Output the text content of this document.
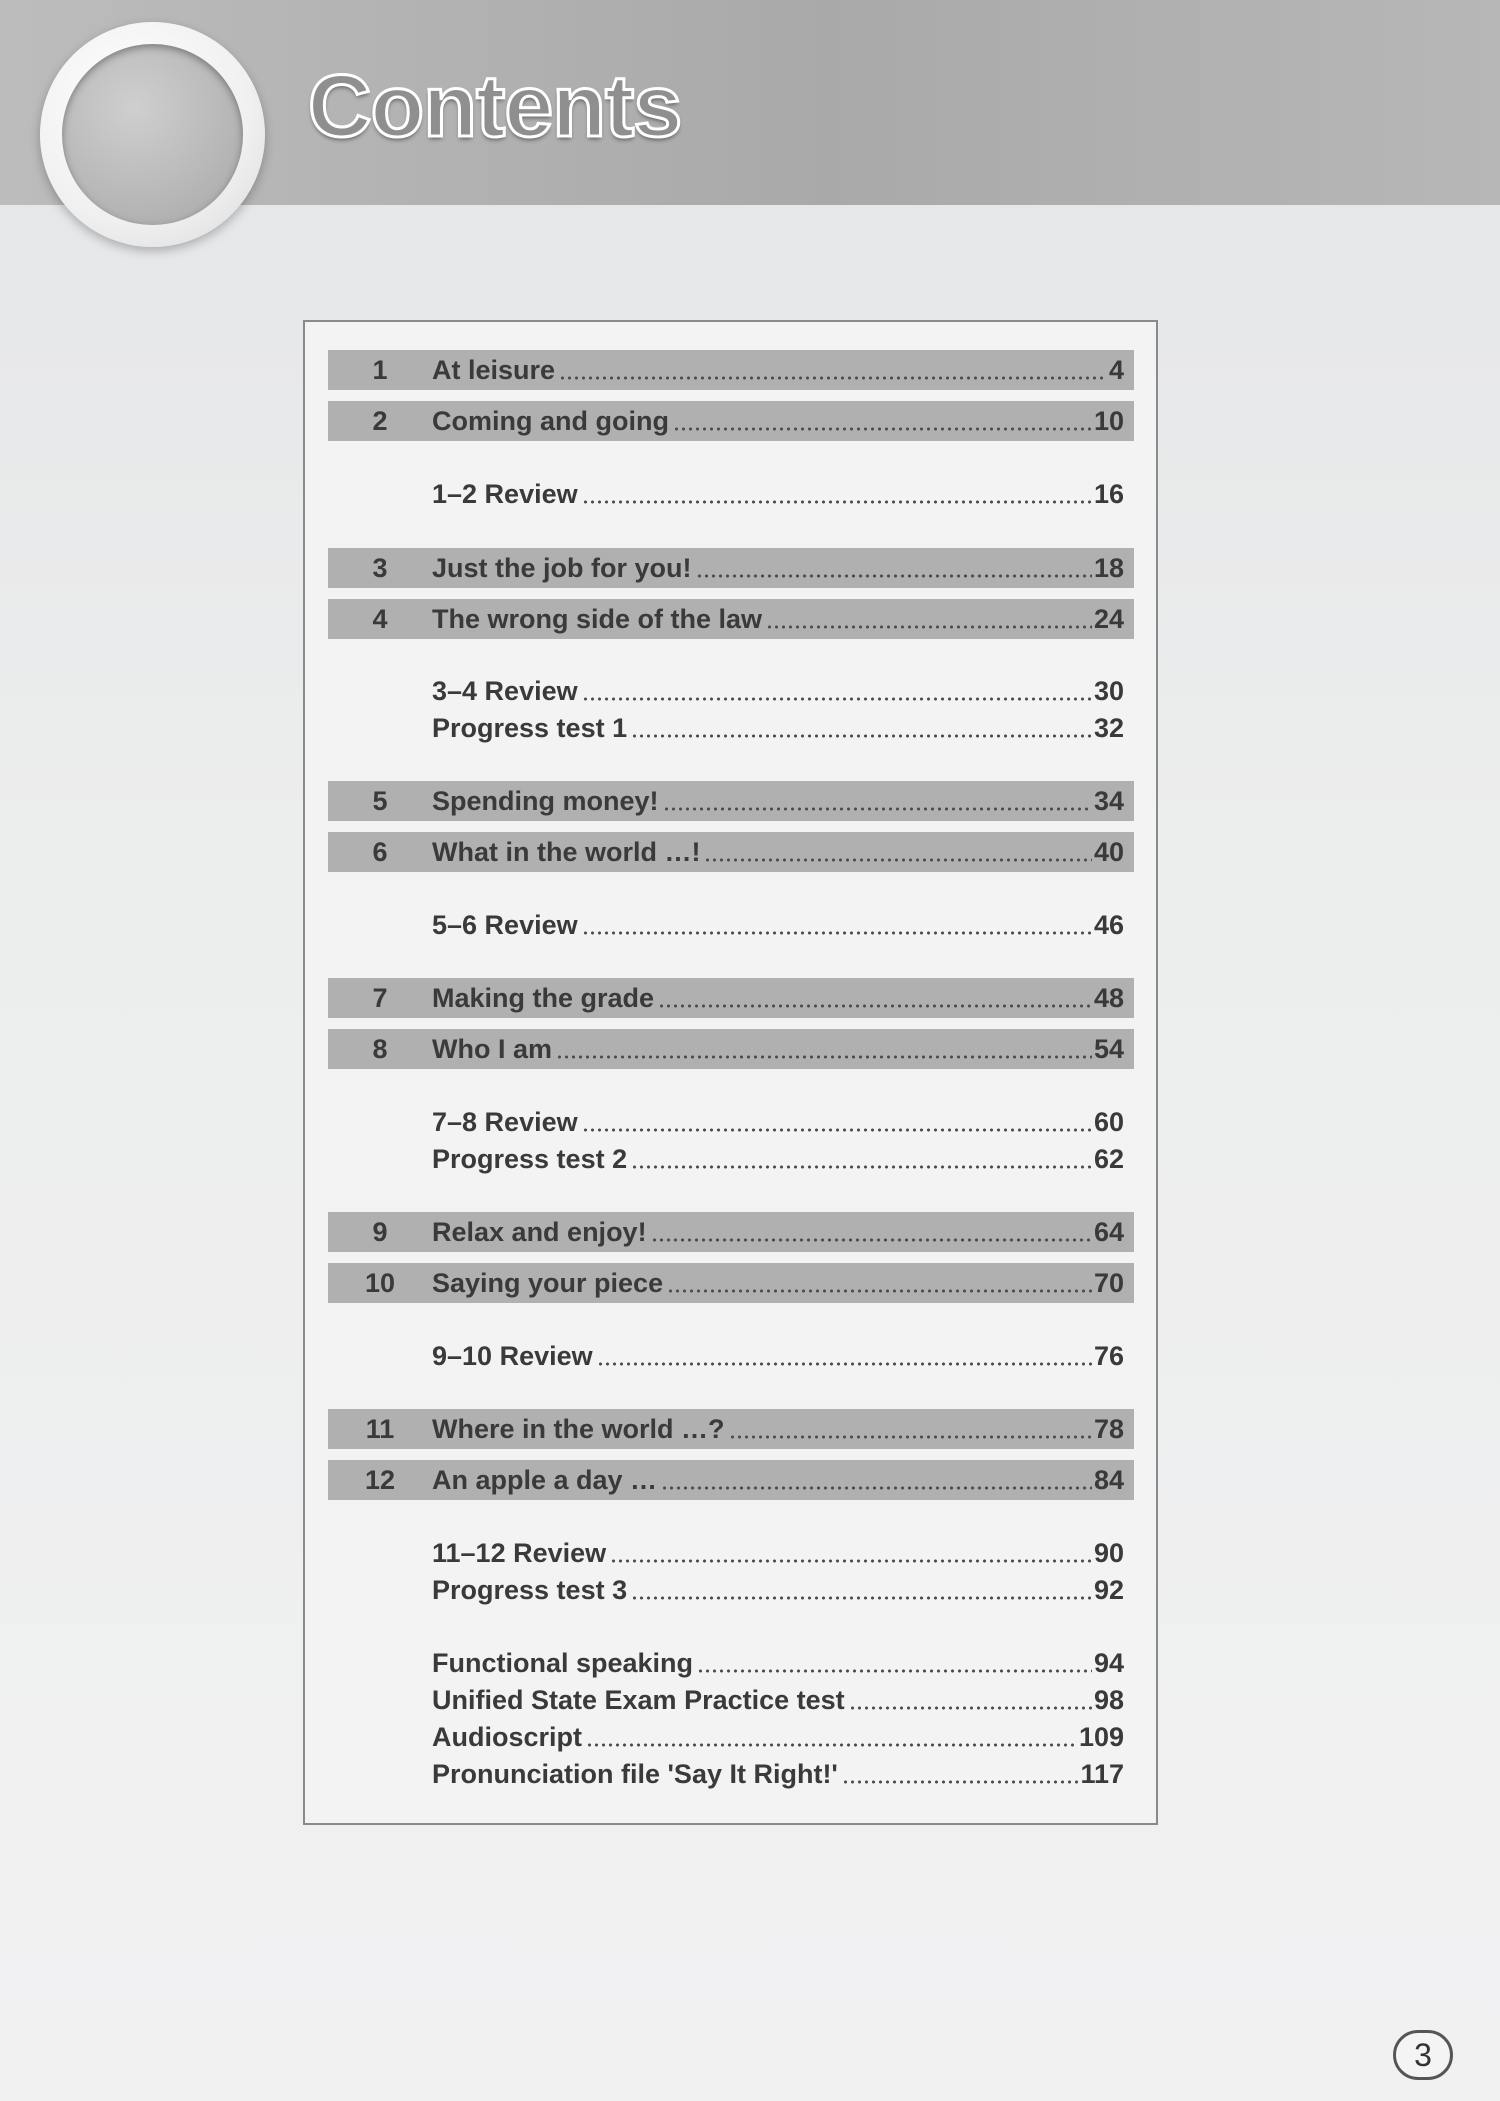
Contents
1	At leisure	4
2	Coming and going	10
1–2 Review	16
3	Just the job for you!	18
4	The wrong side of the law	24
3–4 Review	30
Progress test 1	32
5	Spending money!	34
6	What in the world …!	40
5–6 Review	46
7	Making the grade	48
8	Who I am	54
7–8 Review	60
Progress test 2	62
9	Relax and enjoy!	64
10	Saying your piece	70
9–10 Review	76
11	Where in the world …?	78
12	An apple a day …	84
11–12 Review	90
Progress test 3	92
Functional speaking	94
Unified State Exam Practice test	98
Audioscript	109
Pronunciation file 'Say It Right!'	117
3
